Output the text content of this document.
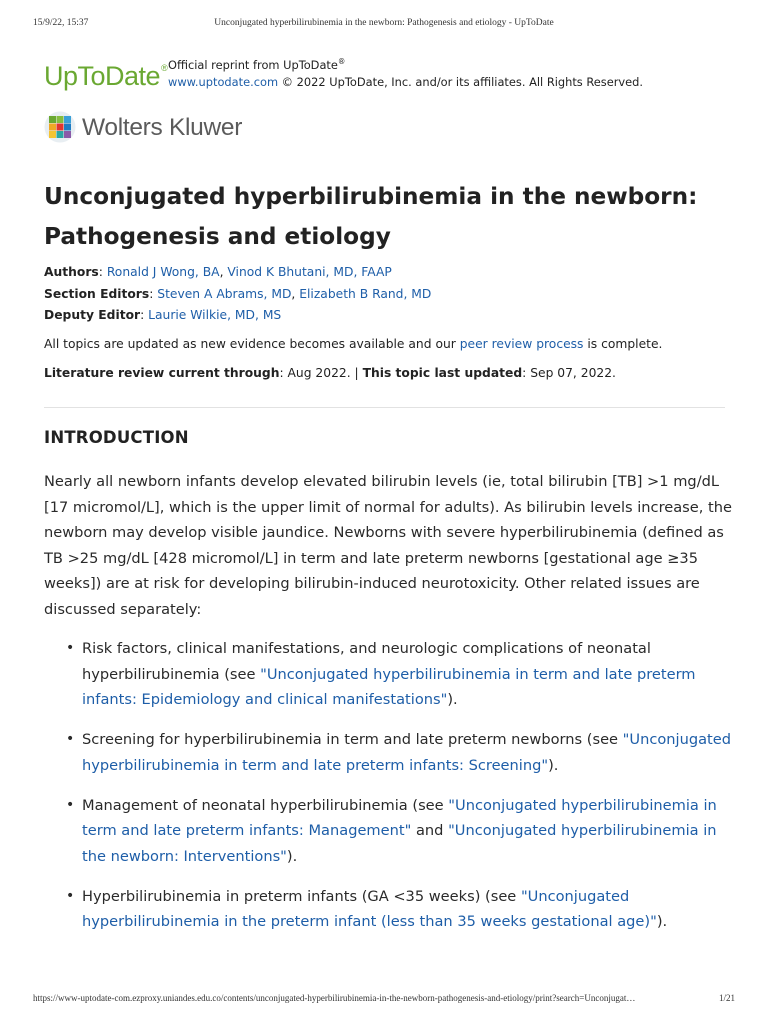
15/9/22, 15:37	Unconjugated hyperbilirubinemia in the newborn: Pathogenesis and etiology - UpToDate
UpToDate® Official reprint from UpToDate®
www.uptodate.com © 2022 UpToDate, Inc. and/or its affiliates. All Rights Reserved.
Wolters Kluwer
Unconjugated hyperbilirubinemia in the newborn: Pathogenesis and etiology
Authors: Ronald J Wong, BA, Vinod K Bhutani, MD, FAAP
Section Editors: Steven A Abrams, MD, Elizabeth B Rand, MD
Deputy Editor: Laurie Wilkie, MD, MS

All topics are updated as new evidence becomes available and our peer review process is complete.

Literature review current through: Aug 2022. | This topic last updated: Sep 07, 2022.

INTRODUCTION

Nearly all newborn infants develop elevated bilirubin levels (ie, total bilirubin [TB] >1 mg/dL [17 micromol/L], which is the upper limit of normal for adults). As bilirubin levels increase, the newborn may develop visible jaundice. Newborns with severe hyperbilirubinemia (defined as TB >25 mg/dL [428 micromol/L] in term and late preterm newborns [gestational age ≥35 weeks]) are at risk for developing bilirubin-induced neurotoxicity. Other related issues are discussed separately:

• Risk factors, clinical manifestations, and neurologic complications of neonatal hyperbilirubinemia (see "Unconjugated hyperbilirubinemia in term and late preterm infants: Epidemiology and clinical manifestations").
• Screening for hyperbilirubinemia in term and late preterm newborns (see "Unconjugated hyperbilirubinemia in term and late preterm infants: Screening").
• Management of neonatal hyperbilirubinemia (see "Unconjugated hyperbilirubinemia in term and late preterm infants: Management" and "Unconjugated hyperbilirubinemia in the newborn: Interventions").
• Hyperbilirubinemia in preterm infants (GA <35 weeks) (see "Unconjugated hyperbilirubinemia in the preterm infant (less than 35 weeks gestational age)").
https://www-uptodate-com.ezproxy.uniandes.edu.co/contents/unconjugated-hyperbilirubinemia-in-the-newborn-pathogenesis-and-etiology/print?search=Unconjugat…	1/21
